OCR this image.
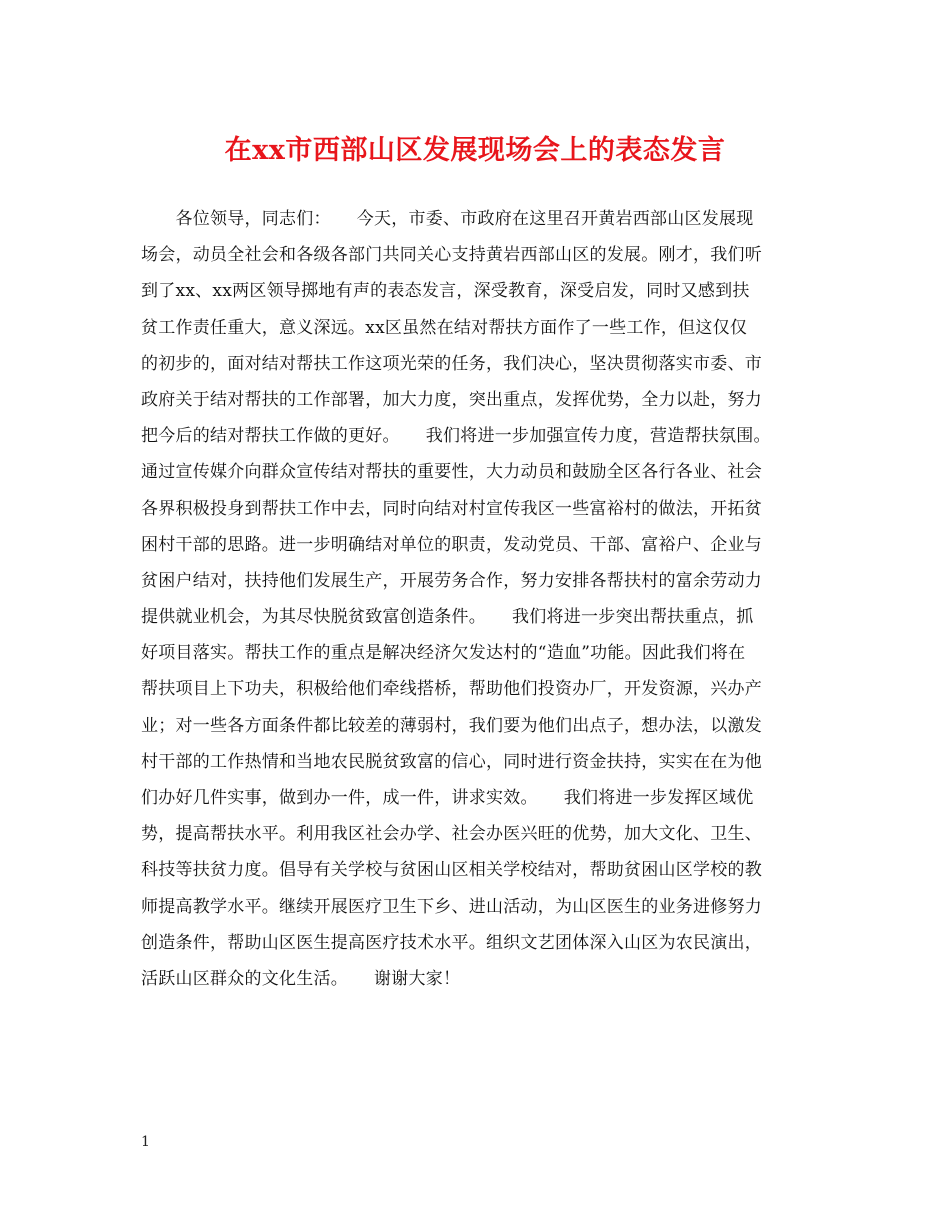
在xx市西部山区发展现场会上的表态发言
　　各位领导，同志们：　　今天，市委、市政府在这里召开黄岩西部山区发展现
场会，动员全社会和各级各部门共同关心支持黄岩西部山区的发展。刚才，我们听
到了xx、xx两区领导掷地有声的表态发言，深受教育，深受启发，同时又感到扶
贫工作责任重大，意义深远。xx区虽然在结对帮扶方面作了一些工作，但这仅仅
的初步的，面对结对帮扶工作这项光荣的任务，我们决心，坚决贯彻落实市委、市
政府关于结对帮扶的工作部署，加大力度，突出重点，发挥优势，全力以赴，努力
把今后的结对帮扶工作做的更好。　　我们将进一步加强宣传力度，营造帮扶氛围。
通过宣传媒介向群众宣传结对帮扶的重要性，大力动员和鼓励全区各行各业、社会
各界积极投身到帮扶工作中去，同时向结对村宣传我区一些富裕村的做法，开拓贫
困村干部的思路。进一步明确结对单位的职责，发动党员、干部、富裕户、企业与
贫困户结对，扶持他们发展生产，开展劳务合作，努力安排各帮扶村的富余劳动力
提供就业机会，为其尽快脱贫致富创造条件。　　我们将进一步突出帮扶重点，抓
好项目落实。帮扶工作的重点是解决经济欠发达村的“造血”功能。因此我们将在
帮扶项目上下功夫，积极给他们牵线搭桥，帮助他们投资办厂，开发资源，兴办产
业；对一些各方面条件都比较差的薄弱村，我们要为他们出点子，想办法，以激发
村干部的工作热情和当地农民脱贫致富的信心，同时进行资金扶持，实实在在为他
们办好几件实事，做到办一件，成一件，讲求实效。　　我们将进一步发挥区域优
势，提高帮扶水平。利用我区社会办学、社会办医兴旺的优势，加大文化、卫生、
科技等扶贫力度。倡导有关学校与贫困山区相关学校结对，帮助贫困山区学校的教
师提高教学水平。继续开展医疗卫生下乡、进山活动，为山区医生的业务进修努力
创造条件，帮助山区医生提高医疗技术水平。组织文艺团体深入山区为农民演出，
活跃山区群众的文化生活。　　谢谢大家！
1
